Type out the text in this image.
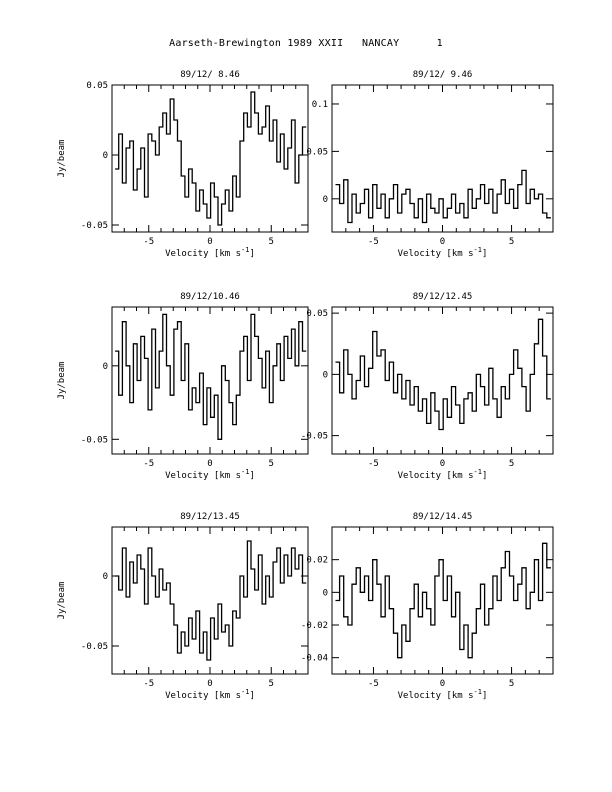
Aarseth-Brewington 1989 XXII   NANCAY      1
-0.05
0
0.05
-5	0	5
89/12/ 8.46
Velocity [km $s^{-1}$]
Jy/beam
0
0.05
0.1
-5	0	5
89/12/ 9.46
Velocity [km $s^{-1}$]
-0.05
0
-5	0	5
89/12/10.46
Velocity [km $s^{-1}$]
Jy/beam
-0.05
0
0.05
-5	0	5
89/12/12.45
Velocity [km $s^{-1}$]
-0.05
0
-5	0	5
89/12/13.45
Velocity [km $s^{-1}$]
Jy/beam
-0.04
-0.02
0
0.02
-5	0	5
89/12/14.45
Velocity [km $s^{-1}$]
